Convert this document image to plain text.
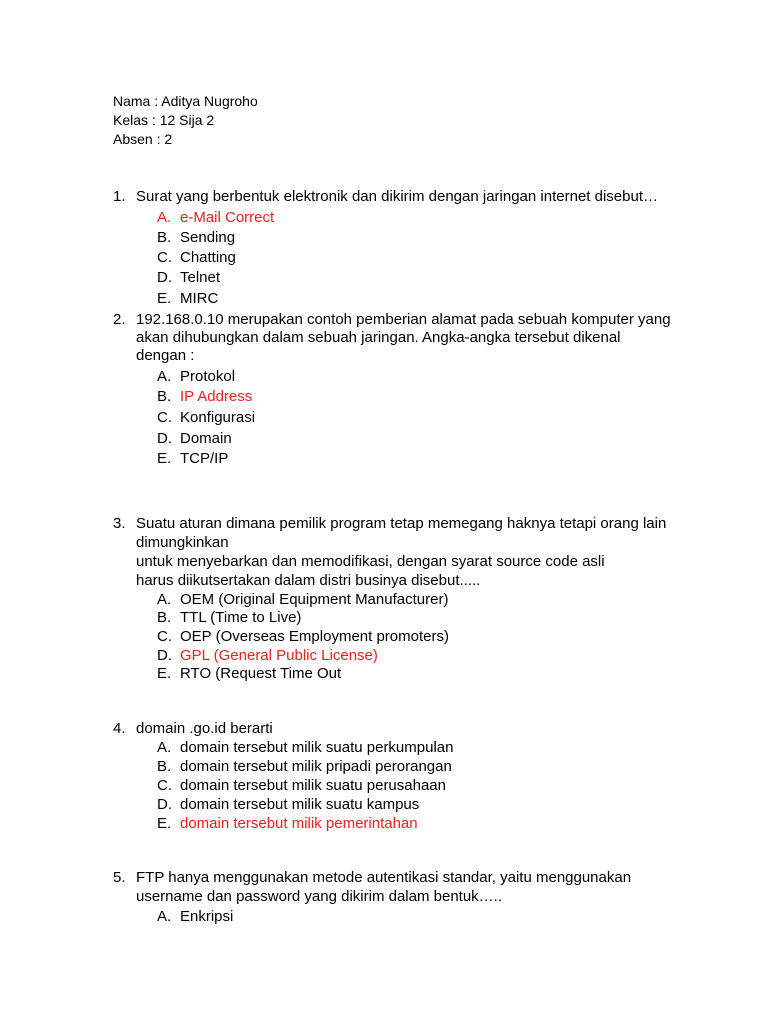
Nama : Aditya Nugroho
Kelas : 12 Sija 2
Absen : 2
1. Surat yang berbentuk elektronik dan dikirim dengan jaringan internet disebut…
A. e-Mail Correct
B. Sending
C. Chatting
D. Telnet
E. MIRC
2. 192.168.0.10 merupakan contoh pemberian alamat pada sebuah komputer yang
akan dihubungkan dalam sebuah jaringan. Angka-angka tersebut dikenal
dengan :
A. Protokol
B. IP Address
C. Konfigurasi
D. Domain
E. TCP/IP
3. Suatu aturan dimana pemilik program tetap memegang haknya tetapi orang lain
dimungkinkan
untuk menyebarkan dan memodifikasi, dengan syarat source code asli
harus diikutsertakan dalam distri businya disebut.....
A. OEM (Original Equipment Manufacturer)
B. TTL (Time to Live)
C. OEP (Overseas Employment promoters)
D. GPL (General Public License)
E. RTO (Request Time Out
4. domain .go.id berarti
A. domain tersebut milik suatu perkumpulan
B. domain tersebut milik pripadi perorangan
C. domain tersebut milik suatu perusahaan
D. domain tersebut milik suatu kampus
E. domain tersebut milik pemerintahan
5. FTP hanya menggunakan metode autentikasi standar, yaitu menggunakan
username dan password yang dikirim dalam bentuk…..
A. Enkripsi
